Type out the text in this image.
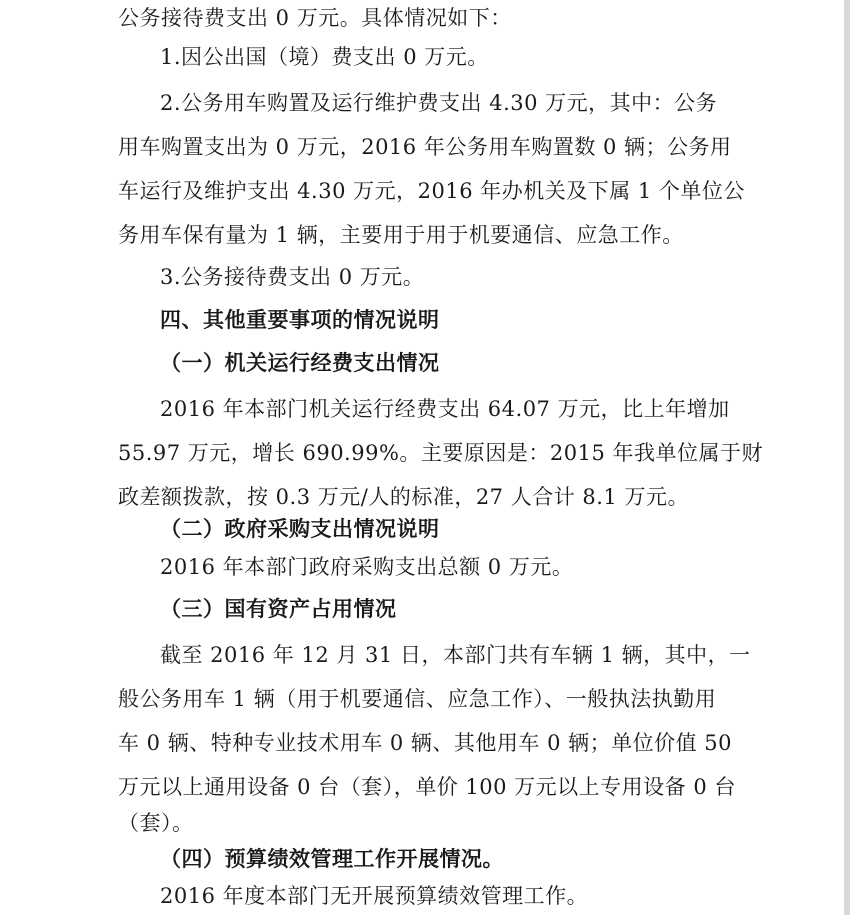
公务接待费支出 0 万元。具体情况如下：
1.因公出国（境）费支出 0 万元。
2.公务用车购置及运行维护费支出 4.30 万元，其中：公务
用车购置支出为 0 万元，2016 年公务用车购置数 0 辆；公务用
车运行及维护支出 4.30 万元，2016 年办机关及下属 1 个单位公
务用车保有量为 1 辆，主要用于用于机要通信、应急工作。
3.公务接待费支出 0 万元。
四、其他重要事项的情况说明
（一）机关运行经费支出情况
2016 年本部门机关运行经费支出 64.07 万元，比上年增加
55.97 万元，增长 690.99%。主要原因是：2015 年我单位属于财
政差额拨款，按 0.3 万元/人的标准，27 人合计 8.1 万元。
（二）政府采购支出情况说明
2016 年本部门政府采购支出总额 0 万元。
（三）国有资产占用情况
截至 2016 年 12 月 31 日，本部门共有车辆 1 辆，其中，一
般公务用车 1 辆（用于机要通信、应急工作）、一般执法执勤用
车 0 辆、特种专业技术用车 0 辆、其他用车 0 辆；单位价值 50
万元以上通用设备 0 台（套），单价 100 万元以上专用设备 0 台
（套）。
（四）预算绩效管理工作开展情况。
2016 年度本部门无开展预算绩效管理工作。
